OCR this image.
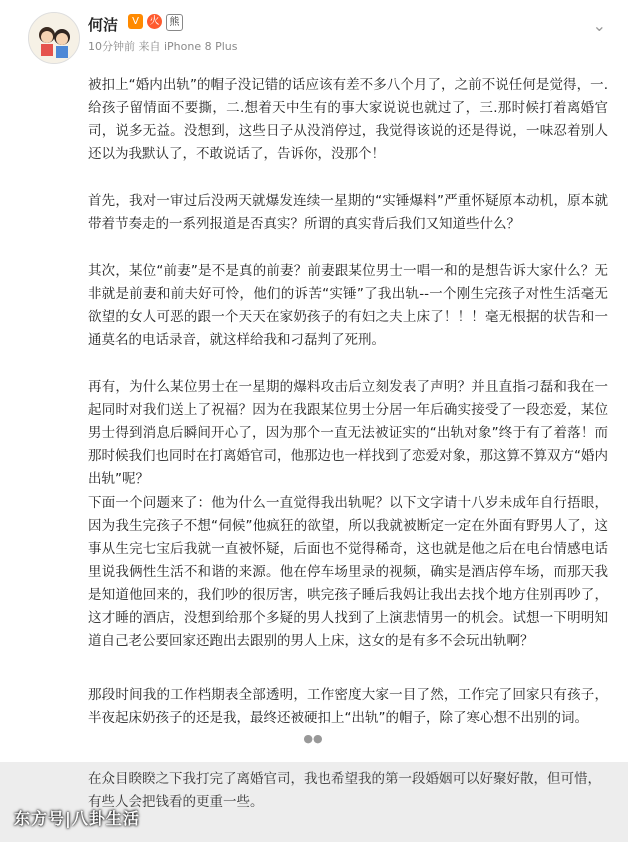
何洁	V	火	熊
10分钟前 来自 iPhone 8 Plus
⌄

被扣上“婚内出轨”的帽子没记错的话应该有差不多八个月了，之前不说任何是觉得，一.给孩子留情面不要撕，二.想着天中生有的事大家说说也就过了，三.那时候打着离婚官司，说多无益。没想到，这些日子从没消停过，我觉得该说的还是得说，一味忍着别人还以为我默认了，不敢说话了，告诉你，没那个！

首先，我对一审过后没两天就爆发连续一星期的“实锤爆料”严重怀疑原本动机，原本就带着节奏走的一系列报道是否真实？所谓的真实背后我们又知道些什么？

其次，某位“前妻”是不是真的前妻？前妻跟某位男士一唱一和的是想告诉大家什么？无非就是前妻和前夫好可怜，他们的诉苦“实锤”了我出轨--一个刚生完孩子对性生活毫无欲望的女人可恶的跟一个天天在家奶孩子的有妇之夫上床了！！！毫无根据的状告和一通莫名的电话录音，就这样给我和刁磊判了死刑。

再有，为什么某位男士在一星期的爆料攻击后立刻发表了声明？并且直指刁磊和我在一起同时对我们送上了祝福？因为在我跟某位男士分居一年后确实接受了一段恋爱，某位男士得到消息后瞬间开心了，因为那个一直无法被证实的“出轨对象”终于有了着落！而那时候我们也同时在打离婚官司，他那边也一样找到了恋爱对象，那这算不算双方“婚内出轨”呢？

下面一个问题来了：他为什么一直觉得我出轨呢？以下文字请十八岁未成年自行捂眼，因为我生完孩子不想“伺候”他疯狂的欲望，所以我就被断定一定在外面有野男人了，这事从生完七宝后我就一直被怀疑，后面也不觉得稀奇，这也就是他之后在电台情感电话里说我俩性生活不和谐的来源。他在停车场里录的视频，确实是酒店停车场，而那天我是知道他回来的，我们吵的很厉害，哄完孩子睡后我妈让我出去找个地方住别再吵了，这才睡的酒店，没想到给那个多疑的男人找到了上演悲情男一的机会。试想一下明明知道自己老公要回家还跑出去跟别的男人上床，这女的是有多不会玩出轨啊？

那段时间我的工作档期表全部透明，工作密度大家一目了然，工作完了回家只有孩子，半夜起床奶孩子的还是我，最终还被硬扣上“出轨”的帽子，除了寒心想不出别的词。

●●

在众目睽睽之下我打完了离婚官司，我也希望我的第一段婚姻可以好聚好散，但可惜，有些人会把钱看的更重一些。

东方号|八卦生活
